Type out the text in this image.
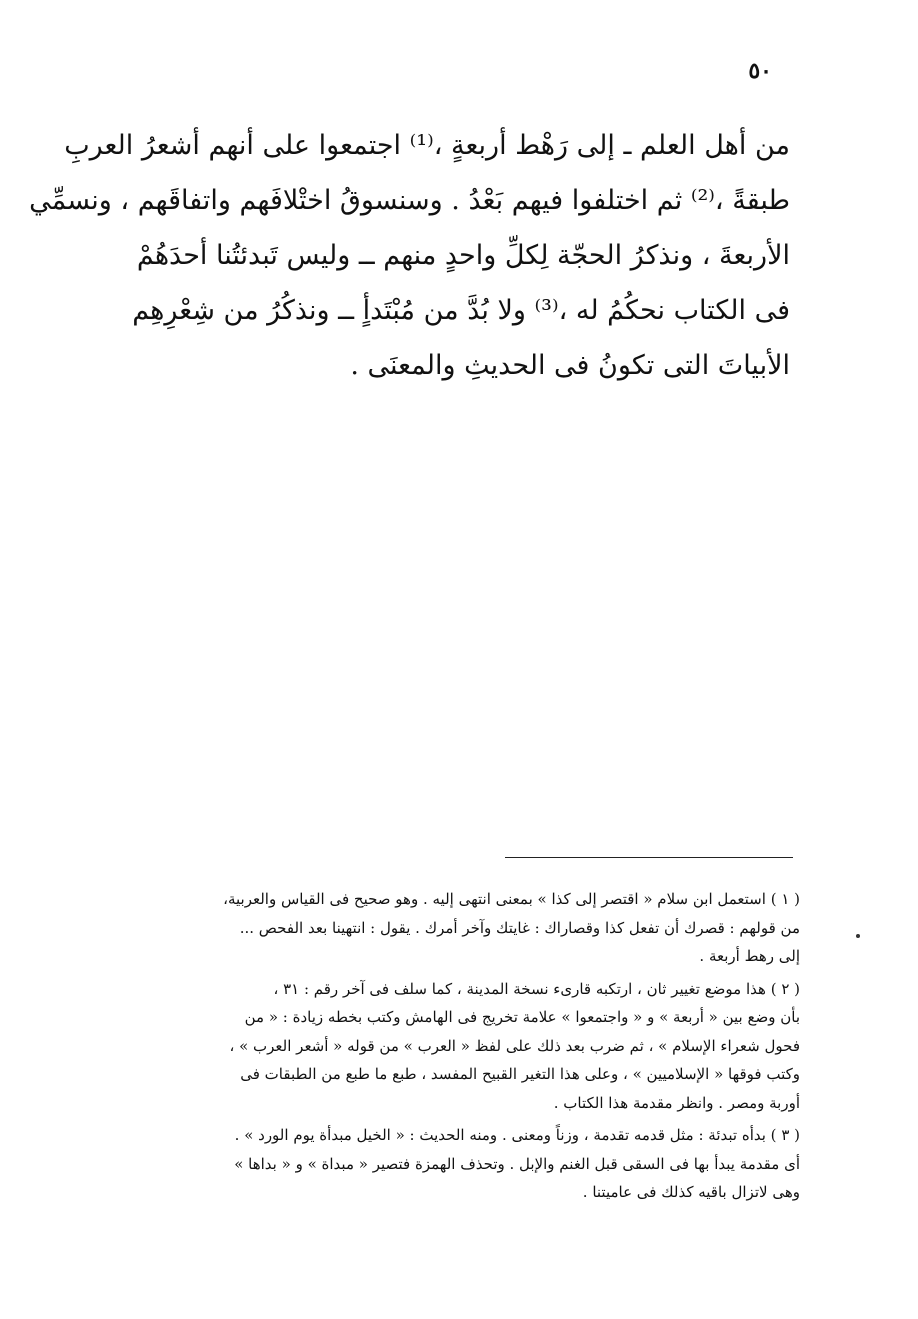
٥٠
من أهل العلم ـ إلى رَهْط أربعةٍ ،⁽¹⁾ اجتمعوا على أنهم أشعرُ العربِ
طبقةً ،⁽²⁾ ثم اختلفوا فيهم بَعْدُ . وسنسوقُ اختْلافَهم واتفاقَهم ، ونسمِّي
الأربعةَ ، ونذكرُ الحجّة لِكلِّ واحدٍ منهم ــ وليس تَبدئتُنا أحدَهُمْ
فى الكتاب نحكُمُ له ،⁽³⁾ ولا بُدَّ من مُبْتَدأٍ ــ ونذكُرُ من شِعْرِهِم
الأبياتَ التى تكونُ فى الحديثِ والمعنَى .
( ١ ) استعمل ابن سلام « اقتصر إلى كذا » بمعنى انتهى إليه . وهو صحيح فى القياس والعربية،
من قولهم : قصرك أن تفعل كذا وقصاراك : غايتك وآخر أمرك . يقول : انتهينا بعد الفحص ...
إلى رهط أربعة .
( ٢ ) هذا موضع تغيير ثان ، ارتكبه قارىء نسخة المدينة ، كما سلف فى آخر رقم : ٣١ ،
بأن وضع بين « أربعة » و « واجتمعوا » علامة تخريج فى الهامش وكتب بخطه زيادة : « من
فحول شعراء الإسلام » ، ثم ضرب بعد ذلك على لفظ « العرب » من قوله « أشعر العرب » ،
وكتب فوقها « الإسلاميين » ، وعلى هذا التغير القبيح المفسد ، طبع ما طبع من الطبقات فى
أوربة ومصر . وانظر مقدمة هذا الكتاب .
( ٣ ) بدأه تبدئة : مثل قدمه تقدمة ، وزناً ومعنى . ومنه الحديث : « الخيل مبدأة يوم الورد » .
أى مقدمة يبدأ بها فى السقى قبل الغنم والإبل . وتحذف الهمزة فتصير « مبداة » و « بداها »
وهى لاتزال باقيه كذلك فى عاميتنا .
